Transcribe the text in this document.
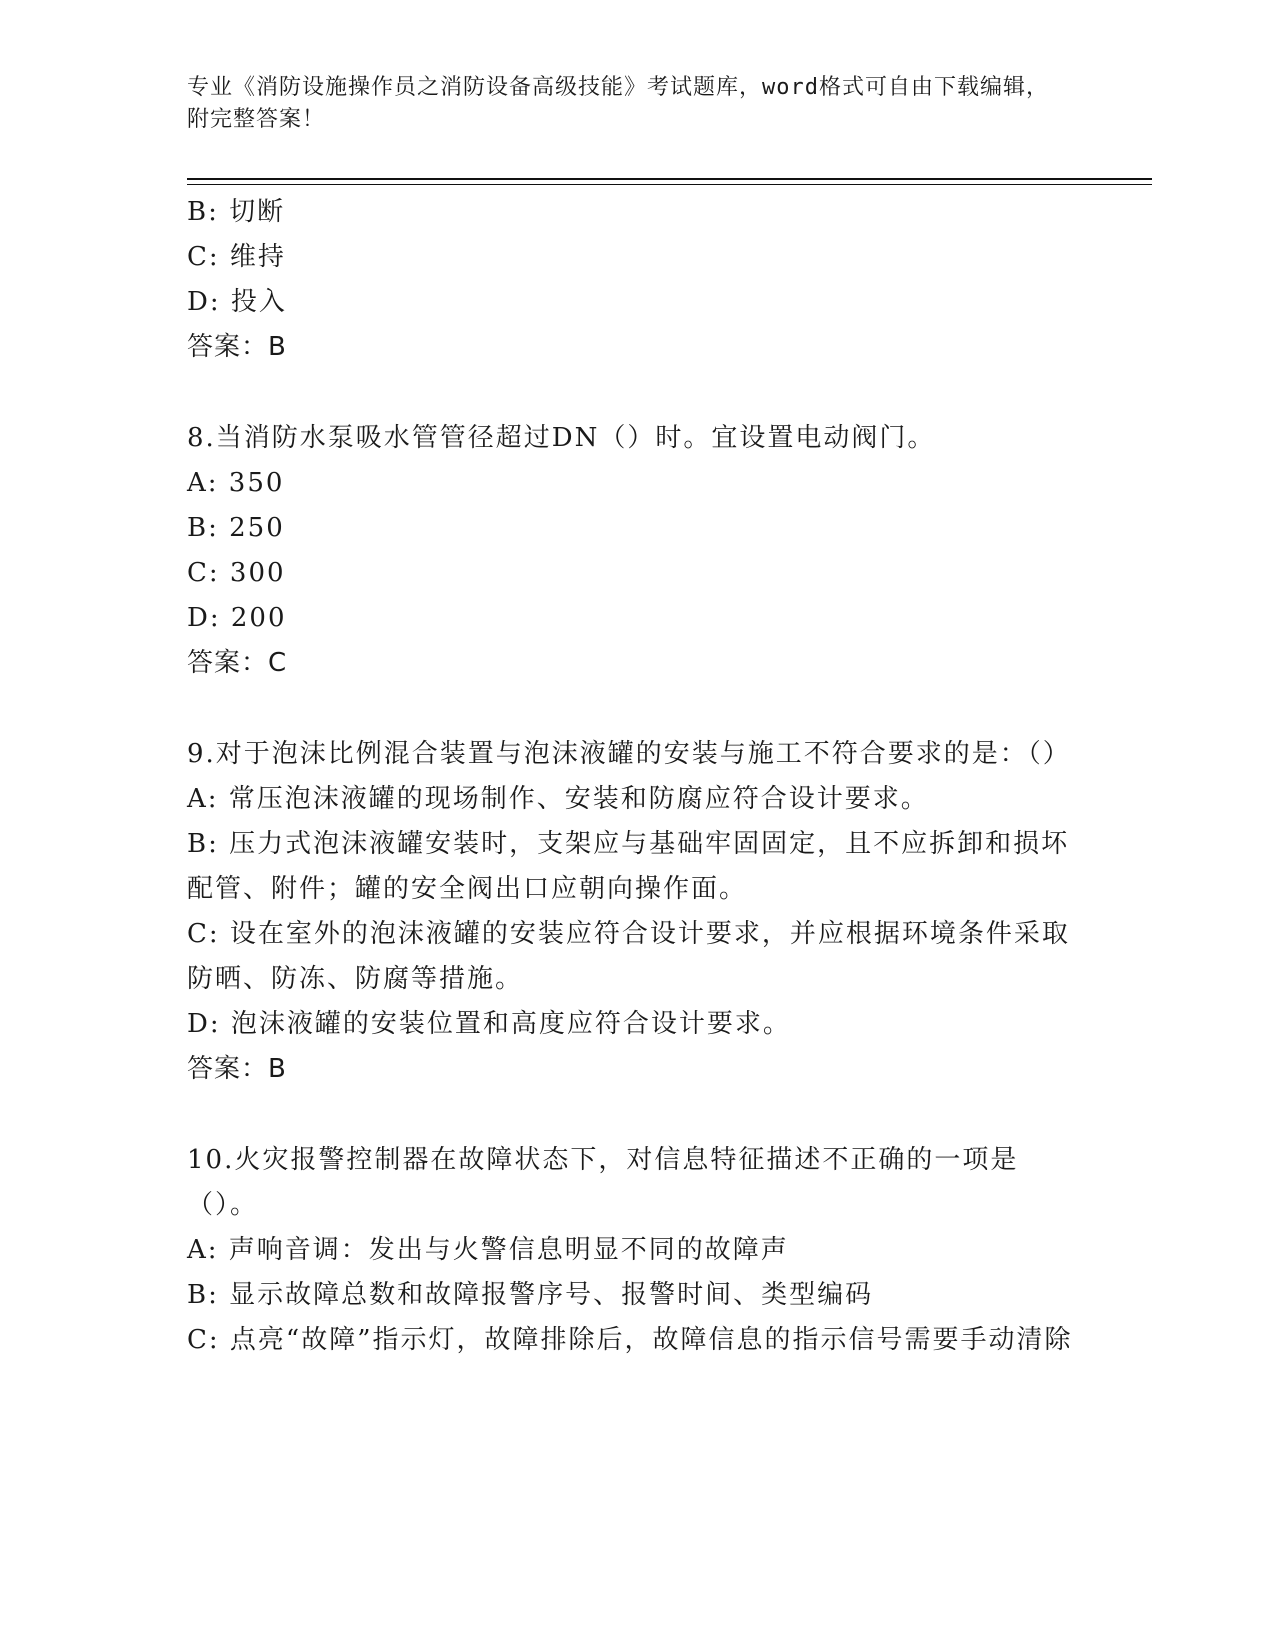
专业《消防设施操作员之消防设备高级技能》考试题库，word格式可自由下载编辑，附完整答案！
B: 切断
C: 维持
D: 投入
答案：B
8.当消防水泵吸水管管径超过DN（）时。宜设置电动阀门。
A: 350
B: 250
C: 300
D: 200
答案：C
9.对于泡沫比例混合装置与泡沫液罐的安装与施工不符合要求的是：（）
A: 常压泡沫液罐的现场制作、安装和防腐应符合设计要求。
B: 压力式泡沫液罐安装时，支架应与基础牢固固定，且不应拆卸和损坏配管、附件；罐的安全阀出口应朝向操作面。
C: 设在室外的泡沫液罐的安装应符合设计要求，并应根据环境条件采取防晒、防冻、防腐等措施。
D: 泡沫液罐的安装位置和高度应符合设计要求。
答案：B
10.火灾报警控制器在故障状态下，对信息特征描述不正确的一项是（）。
A: 声响音调：发出与火警信息明显不同的故障声
B: 显示故障总数和故障报警序号、报警时间、类型编码
C: 点亮“故障”指示灯，故障排除后，故障信息的指示信号需要手动清除
